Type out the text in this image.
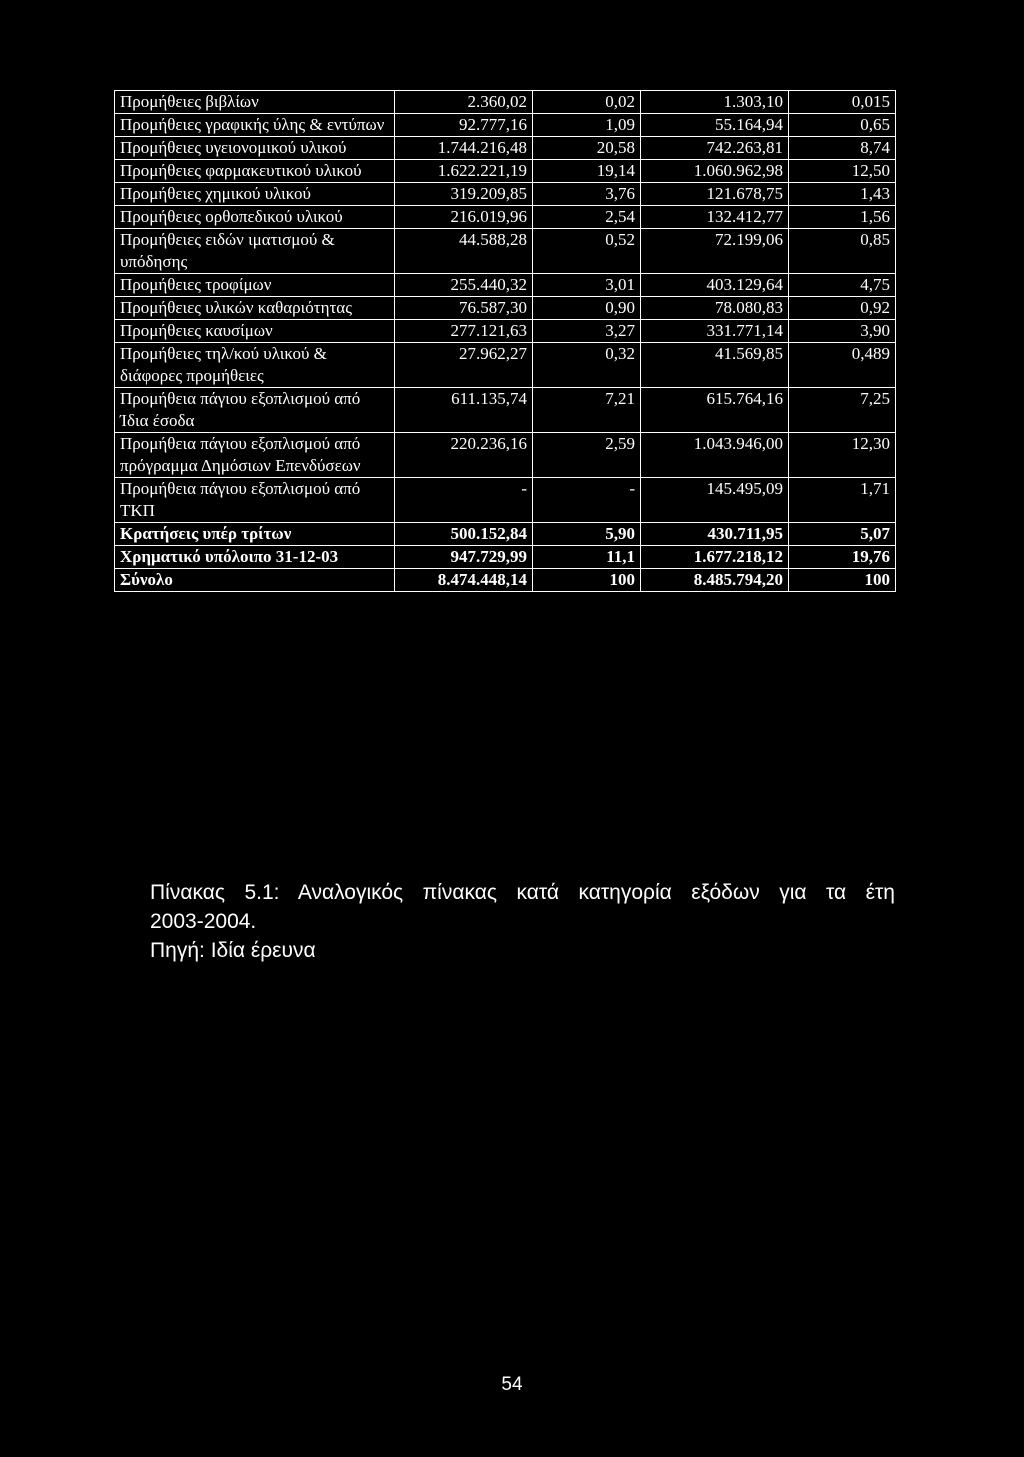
Προμήθειες βιβλίων	2.360,02	0,02	1.303,10	0,015
Προμήθειες γραφικής ύλης & εντύπων	92.777,16	1,09	55.164,94	0,65
Προμήθειες υγειονομικού υλικού	1.744.216,48	20,58	742.263,81	8,74
Προμήθειες φαρμακευτικού υλικού	1.622.221,19	19,14	1.060.962,98	12,50
Προμήθειες χημικού υλικού	319.209,85	3,76	121.678,75	1,43
Προμήθειες ορθοπεδικού υλικού	216.019,96	2,54	132.412,77	1,56
Προμήθειες ειδών ιματισμού & υπόδησης	44.588,28	0,52	72.199,06	0,85
Προμήθειες τροφίμων	255.440,32	3,01	403.129,64	4,75
Προμήθειες υλικών καθαριότητας	76.587,30	0,90	78.080,83	0,92
Προμήθειες καυσίμων	277.121,63	3,27	331.771,14	3,90
Προμήθειες τηλ/κού υλικού & διάφορες προμήθειες	27.962,27	0,32	41.569,85	0,489
Προμήθεια πάγιου εξοπλισμού από Ίδια έσοδα	611.135,74	7,21	615.764,16	7,25
Προμήθεια πάγιου εξοπλισμού από πρόγραμμα Δημόσιων Επενδύσεων	220.236,16	2,59	1.043.946,00	12,30
Προμήθεια πάγιου εξοπλισμού από ΤΚΠ	-	-	145.495,09	1,71
Κρατήσεις υπέρ τρίτων	500.152,84	5,90	430.711,95	5,07
Χρηματικό υπόλοιπο 31-12-03	947.729,99	11,1	1.677.218,12	19,76
Σύνολο	8.474.448,14	100	8.485.794,20	100

Πίνακας 5.1: Αναλογικός πίνακας κατά κατηγορία εξόδων για τα έτη
2003-2004.
Πηγή: Ιδία έρευνα

54
